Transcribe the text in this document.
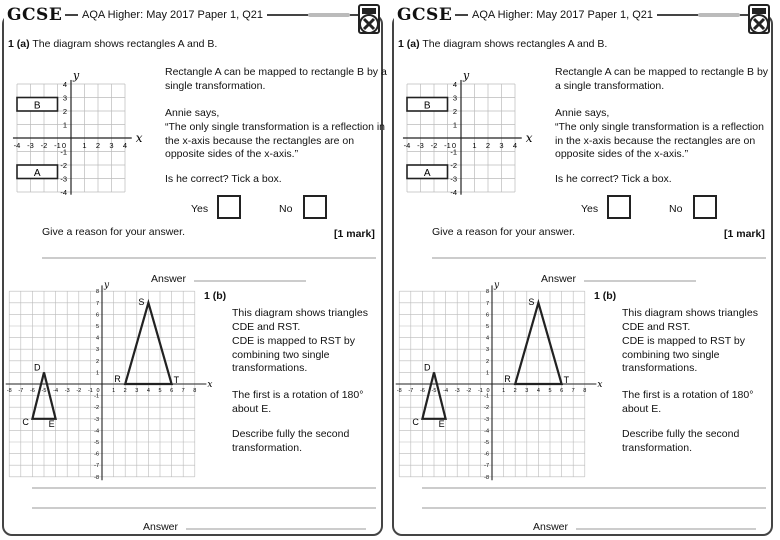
GCSE	AQA Higher: May 2017 Paper 1, Q21
1 (a) The diagram shows rectangles A and B.
y
x
-4 -3 -2 -1	1 2 3 4
0
4
3
2
1
-1
-2
-3
-4
B
A
Rectangle A can be mapped to rectangle B by a single transformation.
Annie says,
“The only single transformation is a reflection in the x-axis because the rectangles are on opposite sides of the x-axis.”
Is he correct? Tick a box.
Yes	No
Give a reason for your answer.	[1 mark]
Answer
y
x
-8 -7 -6 -5 -4 -3 -2 -1	1 2 3 4 5 6 7 8
0
8
7
6
5
4
3
2
1
-1
-2
-3
-4
-5
-6
-7
-8
S
R	T
D
C E
1 (b)
This diagram shows triangles CDE and RST.
CDE is mapped to RST by combining two single transformations.
The first is a rotation of 180° about E.
Describe fully the second transformation.
Answer
GCSE	AQA Higher: May 2017 Paper 1, Q21
1 (a) The diagram shows rectangles A and B.
y
x
-4 -3 -2 -1	1 2 3 4
0
4
3
2
1
-1
-2
-3
-4
B
A
Rectangle A can be mapped to rectangle B by a single transformation.
Annie says,
“The only single transformation is a reflection in the x-axis because the rectangles are on opposite sides of the x-axis.”
Is he correct? Tick a box.
Yes	No
Give a reason for your answer.	[1 mark]
Answer
y
x
-8 -7 -6 -5 -4 -3 -2 -1	1 2 3 4 5 6 7 8
0
8
7
6
5
4
3
2
1
-1
-2
-3
-4
-5
-6
-7
-8
S
R	T
D
C E
1 (b)
This diagram shows triangles CDE and RST.
CDE is mapped to RST by combining two single transformations.
The first is a rotation of 180° about E.
Describe fully the second transformation.
Answer
